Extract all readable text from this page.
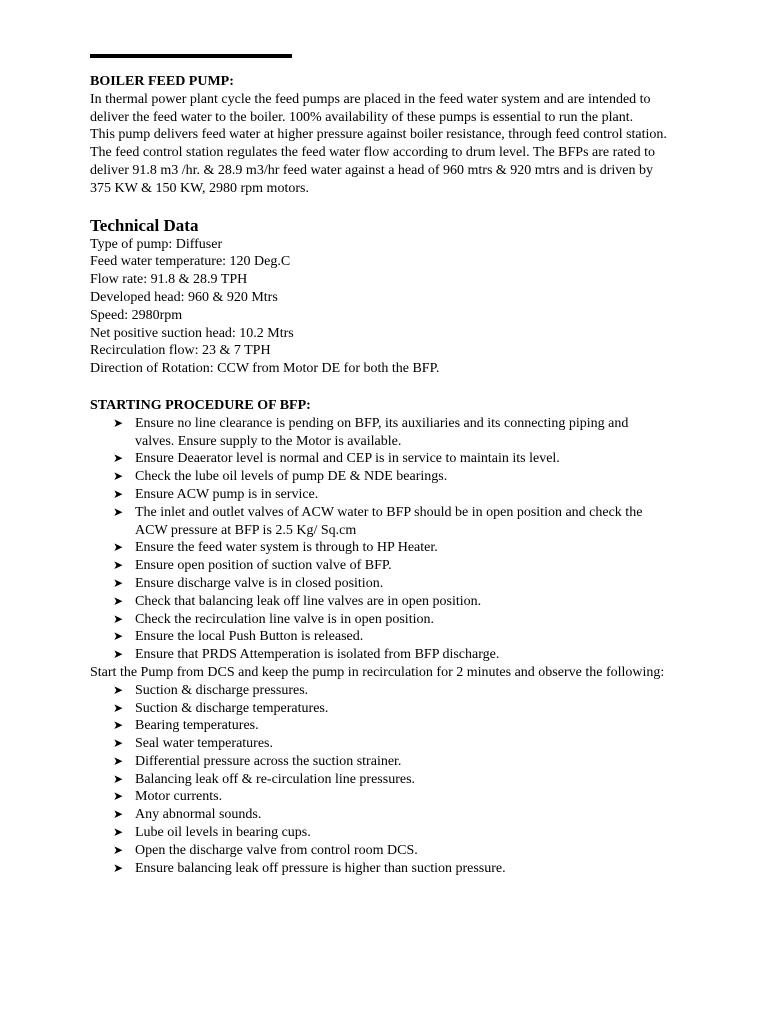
BOILER FEED PUMP:

In thermal power plant cycle the feed pumps are placed in the feed water system and are intended to deliver the feed water to the boiler. 100% availability of these pumps is essential to run the plant.

This pump delivers feed water at higher pressure against boiler resistance, through feed control station. The feed control station regulates the feed water flow according to drum level. The BFPs are rated to deliver 91.8 m3 /hr. & 28.9 m3/hr feed water against a head of 960 mtrs & 920 mtrs and is driven by 375 KW & 150 KW, 2980 rpm motors.

Technical Data

Type of pump: Diffuser
Feed water temperature: 120 Deg.C
Flow rate: 91.8 & 28.9 TPH
Developed head: 960 & 920 Mtrs
Speed: 2980rpm
Net positive suction head: 10.2 Mtrs
Recirculation flow: 23 & 7 TPH
Direction of Rotation: CCW from Motor DE for both the BFP.

STARTING PROCEDURE OF BFP:

➤ Ensure no line clearance is pending on BFP, its auxiliaries and its connecting piping and valves. Ensure supply to the Motor is available.
➤ Ensure Deaerator level is normal and CEP is in service to maintain its level.
➤ Check the lube oil levels of pump DE & NDE bearings.
➤ Ensure ACW pump is in service.
➤ The inlet and outlet valves of ACW water to BFP should be in open position and check the ACW pressure at BFP is 2.5 Kg/ Sq.cm
➤ Ensure the feed water system is through to HP Heater.
➤ Ensure open position of suction valve of BFP.
➤ Ensure discharge valve is in closed position.
➤ Check that balancing leak off line valves are in open position.
➤ Check the recirculation line valve is in open position.
➤ Ensure the local Push Button is released.
➤ Ensure that PRDS Attemperation is isolated from BFP discharge.

Start the Pump from DCS and keep the pump in recirculation for 2 minutes and observe the following:

➤ Suction & discharge pressures.
➤ Suction & discharge temperatures.
➤ Bearing temperatures.
➤ Seal water temperatures.
➤ Differential pressure across the suction strainer.
➤ Balancing leak off & re-circulation line pressures.
➤ Motor currents.
➤ Any abnormal sounds.
➤ Lube oil levels in bearing cups.
➤ Open the discharge valve from control room DCS.
➤ Ensure balancing leak off pressure is higher than suction pressure.
